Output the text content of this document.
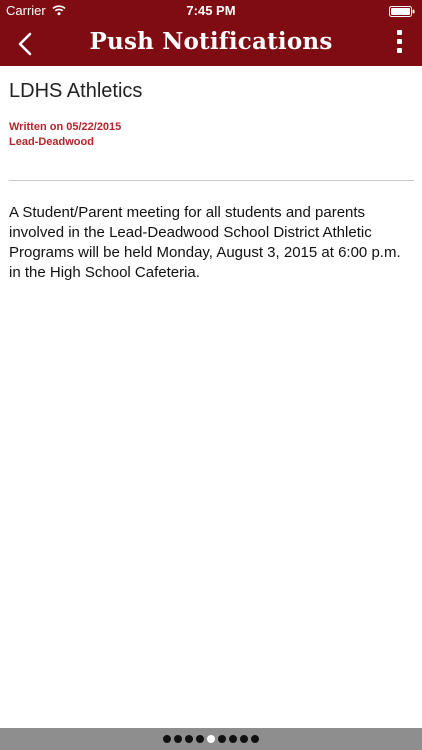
Carrier	7:45 PM
Push Notifications
LDHS Athletics
Written on 05/22/2015
Lead-Deadwood
A Student/Parent meeting for all students and parents involved in the Lead-Deadwood School District Athletic Programs will be held Monday, August 3, 2015 at 6:00 p.m. in the High School Cafeteria.
